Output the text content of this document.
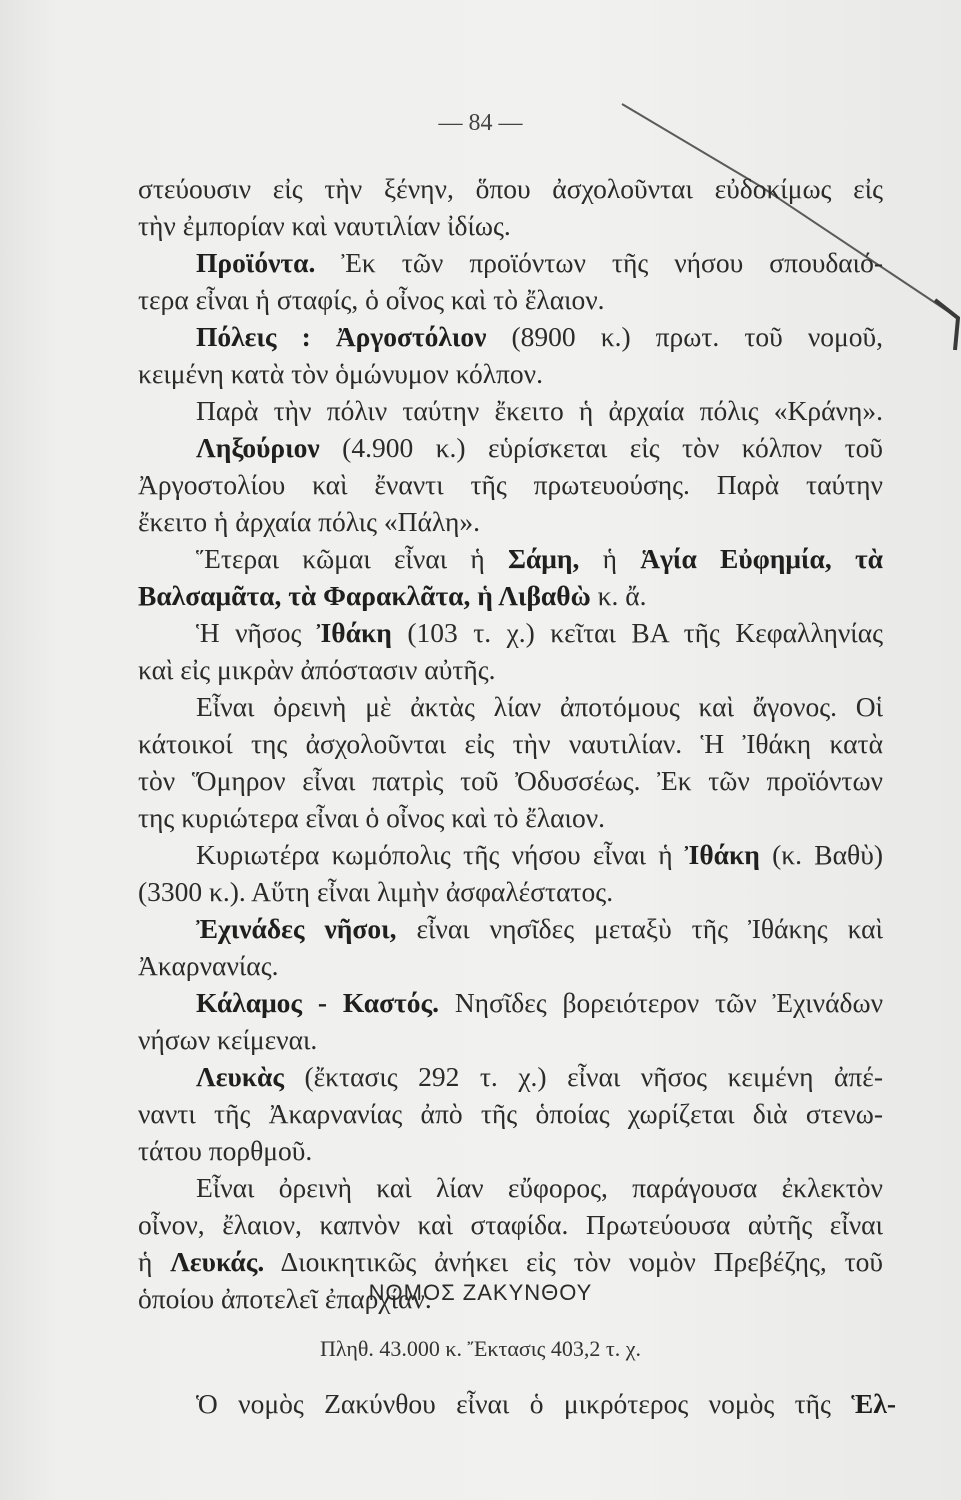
— 84 —
στεύουσιν εἰς τὴν ξένην, ὅπου ἀσχολοῦνται εὐδοκίμως εἰς
τὴν ἐμπορίαν καὶ ναυτιλίαν ἰδίως.
Προϊόντα. Ἐκ τῶν προϊόντων τῆς νήσου σπουδαιό-
τερα εἶναι ἡ σταφίς, ὁ οἶνος καὶ τὸ ἔλαιον.
Πόλεις : Ἀργοστόλιον (8900 κ.) πρωτ. τοῦ νομοῦ,
κειμένη κατὰ τὸν ὁμώνυμον κόλπον.
Παρὰ τὴν πόλιν ταύτην ἔκειτο ἡ ἀρχαία πόλις «Κράνη».
Ληξούριον (4.900 κ.) εὑρίσκεται εἰς τὸν κόλπον τοῦ
Ἀργοστολίου καὶ ἔναντι τῆς πρωτευούσης. Παρὰ ταύτην
ἔκειτο ἡ ἀρχαία πόλις «Πάλη».
Ἕτεραι κῶμαι εἶναι ἡ Σάμη, ἡ Ἁγία Εὐφημία, τὰ
Βαλσαμᾶτα, τὰ Φαρακλᾶτα, ἡ Λιβαθὼ κ. ἄ.
Ἡ νῆσος Ἰθάκη (103 τ. χ.) κεῖται ΒΑ τῆς Κεφαλληνίας
καὶ εἰς μικρὰν ἀπόστασιν αὐτῆς.
Εἶναι ὀρεινὴ μὲ ἀκτὰς λίαν ἀποτόμους καὶ ἄγονος. Οἱ
κάτοικοί της ἀσχολοῦνται εἰς τὴν ναυτιλίαν. Ἡ Ἰθάκη κατὰ
τὸν Ὅμηρον εἶναι πατρὶς τοῦ Ὀδυσσέως. Ἐκ τῶν προϊόντων
της κυριώτερα εἶναι ὁ οἶνος καὶ τὸ ἔλαιον.
Κυριωτέρα κωμόπολις τῆς νήσου εἶναι ἡ Ἰθάκη (κ. Βαθὺ)
(3300 κ.). Αὕτη εἶναι λιμὴν ἀσφαλέστατος.
Ἐχινάδες νῆσοι, εἶναι νησῖδες μεταξὺ τῆς Ἰθάκης καὶ
Ἀκαρνανίας.
Κάλαμος - Καστός. Νησῖδες βορειότερον τῶν Ἐχινάδων
νήσων κείμεναι.
Λευκὰς (ἔκτασις 292 τ. χ.) εἶναι νῆσος κειμένη ἀπέ-
ναντι τῆς Ἀκαρνανίας ἀπὸ τῆς ὁποίας χωρίζεται διὰ στενω-
τάτου πορθμοῦ.
Εἶναι ὀρεινὴ καὶ λίαν εὔφορος, παράγουσα ἐκλεκτὸν
οἶνον, ἔλαιον, καπνὸν καὶ σταφίδα. Πρωτεύουσα αὐτῆς εἶναι
ἡ Λευκάς. Διοικητικῶς ἀνήκει εἰς τὸν νομὸν Πρεβέζης, τοῦ
ὁποίου ἀποτελεῖ ἐπαρχίαν.
ΝΟΜΟΣ ΖΑΚΥΝΘΟΥ
Πληθ. 43.000 κ. Ἔκτασις 403,2 τ. χ.
Ὁ νομὸς Ζακύνθου εἶναι ὁ μικρότερος νομὸς τῆς Ἑλ-
